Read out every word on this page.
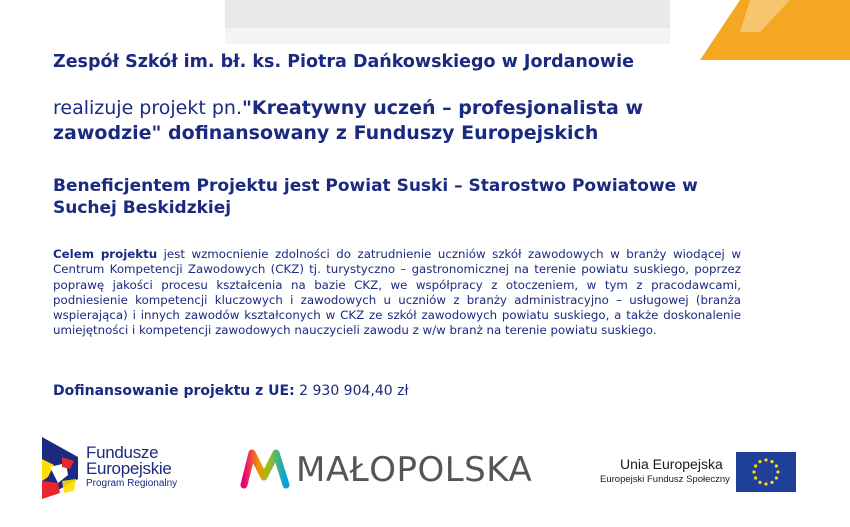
Zespół Szkół im. bł. ks. Piotra Dańkowskiego w Jordanowie
realizuje projekt pn."Kreatywny uczeń – profesjonalista w zawodzie" dofinansowany z Funduszy Europejskich
Beneficjentem Projektu jest Powiat Suski – Starostwo Powiatowe w Suchej Beskidzkiej
Celem projektu jest wzmocnienie zdolności do zatrudnienie uczniów szkół zawodowych w branży wiodącej w Centrum Kompetencji Zawodowych (CKZ) tj. turystyczno – gastronomicznej na terenie powiatu suskiego, poprzez poprawę jakości procesu kształcenia na bazie CKZ, we współpracy z otoczeniem, w tym z pracodawcami, podniesienie kompetencji kluczowych i zawodowych u uczniów z branży administracyjno – usługowej (branża wspierająca) i innych zawodów kształconych w CKZ ze szkół zawodowych powiatu suskiego, a także doskonalenie umiejętności i kompetencji zawodowych nauczycieli zawodu z w/w branż na terenie powiatu suskiego.
Dofinansowanie projektu z UE: 2 930 904,40 zł
Fundusze
Europejskie
Program Regionalny	MAŁOPOLSKA	Unia Europejska
Europejski Fundusz Społeczny
